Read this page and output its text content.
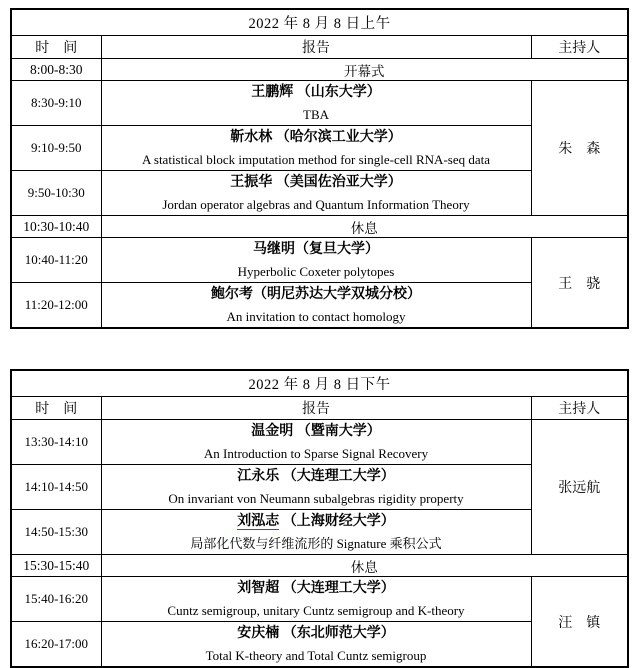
2022 年 8 月 8 日上午		
时　间	报告	主持人
8:00-8:30	开幕式	
8:30-9:10	王鹏辉 （山东大学）
TBA	朱　森
9:10-9:50	靳水林 （哈尔滨工业大学）
A statistical block imputation method for single-cell RNA-seq data	

9:50-10:30	王振华 （美国佐治亚大学）
Jordan operator algebras and Quantum Information Theory	

10:30-10:40	休息	
10:40-11:20	马继明（复旦大学）
Hyperbolic Coxeter polytopes	王　骁
11:20-12:00	鲍尔考（明尼苏达大学双城分校）
An invitation to contact homology	
2022 年 8 月 8 日下午		
时　间	报告	主持人
13:30-14:10	温金明 （暨南大学）
An Introduction to Sparse Signal Recovery	张远航
14:10-14:50	江永乐 （大连理工大学）
On invariant von Neumann subalgebras rigidity property	

14:50-15:30	刘泓志 （上海财经大学）
局部化代数与纤维流形的 Signature 乘积公式	

15:30-15:40	休息	
15:40-16:20	刘智超 （大连理工大学）
Cuntz semigroup, unitary Cuntz semigroup and K-theory	汪　镇
16:20-17:00	安庆楠 （东北师范大学）
Total K-theory and Total Cuntz semigroup	
